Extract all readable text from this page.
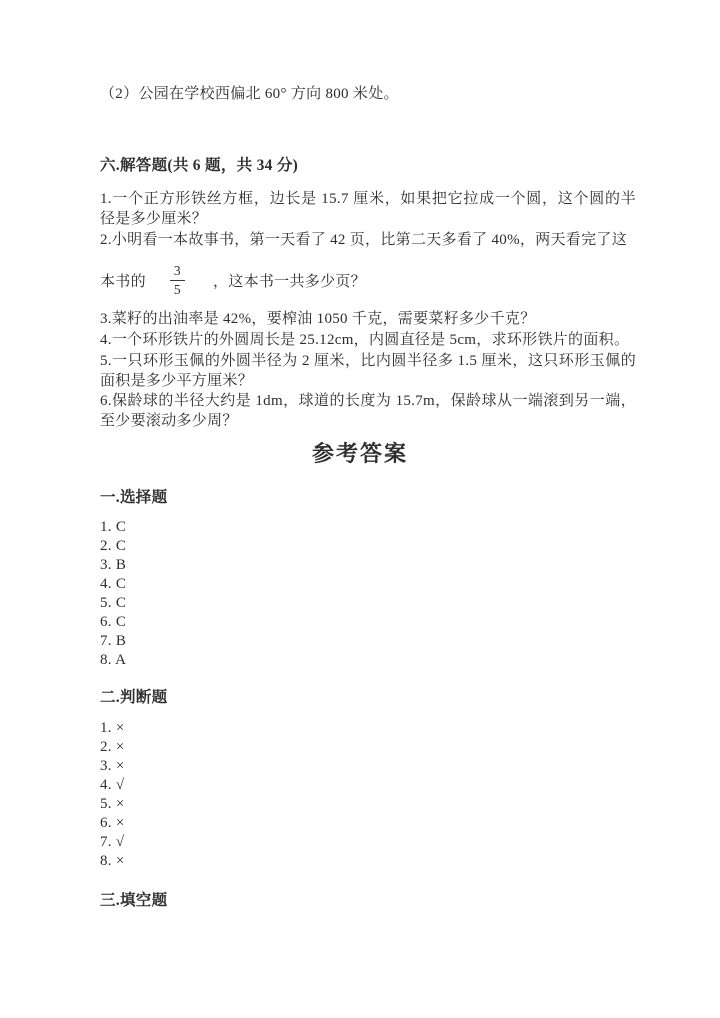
（2）公园在学校西偏北 60° 方向 800 米处。

六.解答题(共 6 题，共 34 分)

1.一个正方形铁丝方框，边长是 15.7 厘米，如果把它拉成一个圆，这个圆的半径是多少厘米？

2.小明看一本故事书，第一天看了 42 页，比第二天多看了 40%，两天看完了这

本书的 $\frac{3}{5}$ ，这本书一共多少页？

3.菜籽的出油率是 42%，要榨油 1050 千克，需要菜籽多少千克？

4.一个环形铁片的外圆周长是 25.12cm，内圆直径是 5cm，求环形铁片的面积。

5.一只环形玉佩的外圆半径为 2 厘米，比内圆半径多 1.5 厘米，这只环形玉佩的面积是多少平方厘米？

6.保龄球的半径大约是 1dm，球道的长度为 15.7m，保龄球从一端滚到另一端，至少要滚动多少周？

参考答案
一.选择题

1. C

2. C

3. B

4. C

5. C

6. C

7. B

8. A

二.判断题

1. ×

2. ×

3. ×

4. √

5. ×

6. ×

7. √

8. ×

三.填空题
